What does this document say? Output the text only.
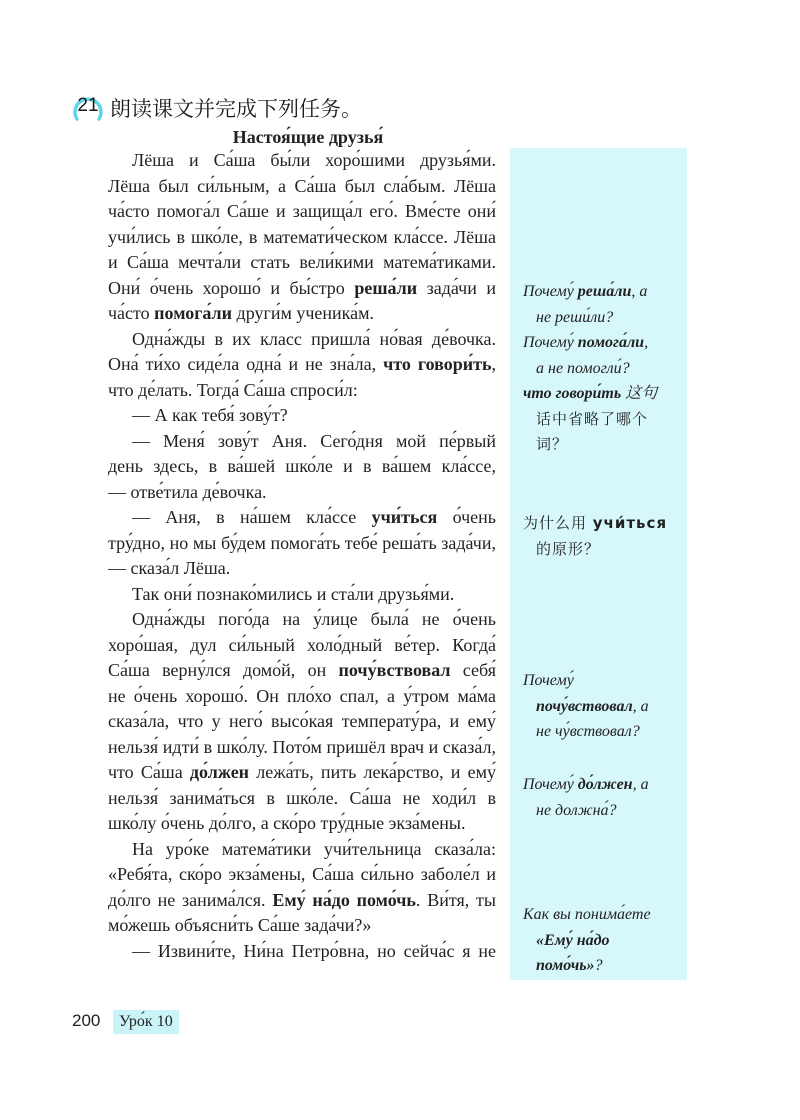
21 朗读课文并完成下列任务。
Настоя́щие друзья́
Лёша и Са́ша бы́ли хоро́шими друзья́ми.
Лёша был си́льным, а Са́ша был сла́бым. Лёша
ча́сто помога́л Са́ше и защища́л его́. Вме́сте они́
учи́лись в шко́ле, в математи́ческом кла́ссе. Лёша
и Са́ша мечта́ли стать вели́кими матема́тиками.
Они́ о́чень хорошо́ и бы́стро реша́ли зада́чи и
ча́сто помога́ли други́м ученика́м.
Одна́жды в их класс пришла́ но́вая де́вочка.
Она́ ти́хо сиде́ла одна́ и не зна́ла, что говори́ть,
что де́лать. Тогда́ Са́ша спроси́л:
— А как тебя́ зову́т?
— Меня́ зову́т Аня. Сего́дня мой пе́рвый
день здесь, в ва́шей шко́ле и в ва́шем кла́ссе,
— отве́тила де́вочка.
— Аня, в на́шем кла́ссе учи́ться о́чень
тру́дно, но мы бу́дем помога́ть тебе́ реша́ть зада́чи,
— сказа́л Лёша.
Так они́ познако́мились и ста́ли друзья́ми.
Одна́жды пого́да на у́лице была́ не о́чень
хоро́шая, дул си́льный холо́дный ве́тер. Когда́
Са́ша верну́лся домо́й, он почу́вствовал себя́
не о́чень хорошо́. Он пло́хо спал, а у́тром ма́ма
сказа́ла, что у него́ высо́кая температу́ра, и ему́
нельзя́ идти́ в шко́лу. Пото́м пришёл врач и сказа́л,
что Са́ша до́лжен лежа́ть, пить лека́рство, и ему́
нельзя́ занима́ться в шко́ле. Са́ша не ходи́л в
шко́лу о́чень до́лго, а ско́ро тру́дные экза́мены.
На уро́ке матема́тики учи́тельница сказа́ла:
«Ребя́та, ско́ро экза́мены, Са́ша си́льно заболе́л и
до́лго не занима́лся. Ему́ на́до помо́чь. Ви́тя, ты
мо́жешь объясни́ть Са́ше зада́чи?»
— Извини́те, Ни́на Петро́вна, но сейча́с я не
Почему́ реша́ли, а
не реши́ли?
Почему́ помога́ли,
а не помогли́?
что говори́ть 这句
话中省略了哪个
词？
为什么用 учи́ться
的原形？
Почему́
почу́вствовал, а
не чу́вствовал?
Почему́ до́лжен, а
не должна́?
Как вы понима́ете
«Ему́ на́до
помо́чь»?
200	Уро́к 10
